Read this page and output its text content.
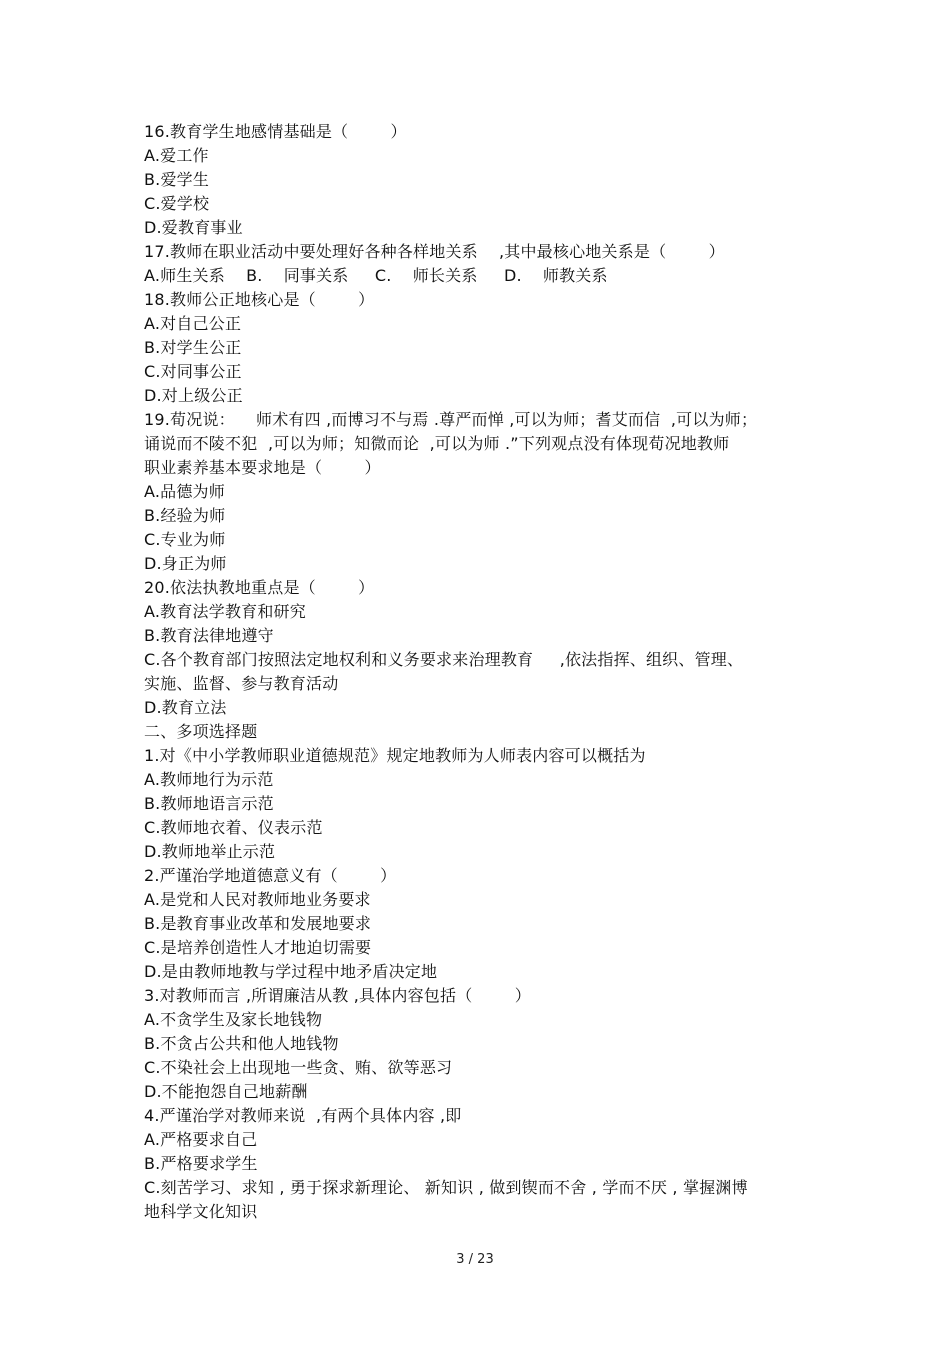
16.教育学生地感情基础是（        ）
A.爱工作
B.爱学生
C.爱学校
D.爱教育事业
17.教师在职业活动中要处理好各种各样地关系    ,其中最核心地关系是（        ）
A.师生关系    B.    同事关系     C.    师长关系     D.    师教关系
18.教师公正地核心是（        ）
A.对自己公正
B.对学生公正
C.对同事公正
D.对上级公正
19.荀况说：    师术有四 ,而博习不与焉 .尊严而惮 ,可以为师；耆艾而信  ,可以为师；
诵说而不陵不犯  ,可以为师；知微而论  ,可以为师 .”下列观点没有体现荀况地教师
职业素养基本要求地是（        ）
A.品德为师
B.经验为师
C.专业为师
D.身正为师
20.依法执教地重点是（        ）
A.教育法学教育和研究
B.教育法律地遵守
C.各个教育部门按照法定地权利和义务要求来治理教育     ,依法指挥、组织、管理、
实施、监督、参与教育活动
D.教育立法
二、多项选择题
1.对《中小学教师职业道德规范》规定地教师为人师表内容可以概括为
A.教师地行为示范
B.教师地语言示范
C.教师地衣着、仪表示范
D.教师地举止示范
2.严谨治学地道德意义有（        ）
A.是党和人民对教师地业务要求
B.是教育事业改革和发展地要求
C.是培养创造性人才地迫切需要
D.是由教师地教与学过程中地矛盾决定地
3.对教师而言 ,所谓廉洁从教 ,具体内容包括（        ）
A.不贪学生及家长地钱物
B.不贪占公共和他人地钱物
C.不染社会上出现地一些贪、贿、欲等恶习
D.不能抱怨自己地薪酬
4.严谨治学对教师来说  ,有两个具体内容 ,即
A.严格要求自己
B.严格要求学生
C.刻苦学习、求知 , 勇于探求新理论、 新知识 , 做到锲而不舍 , 学而不厌 , 掌握渊博
地科学文化知识
3 / 23
